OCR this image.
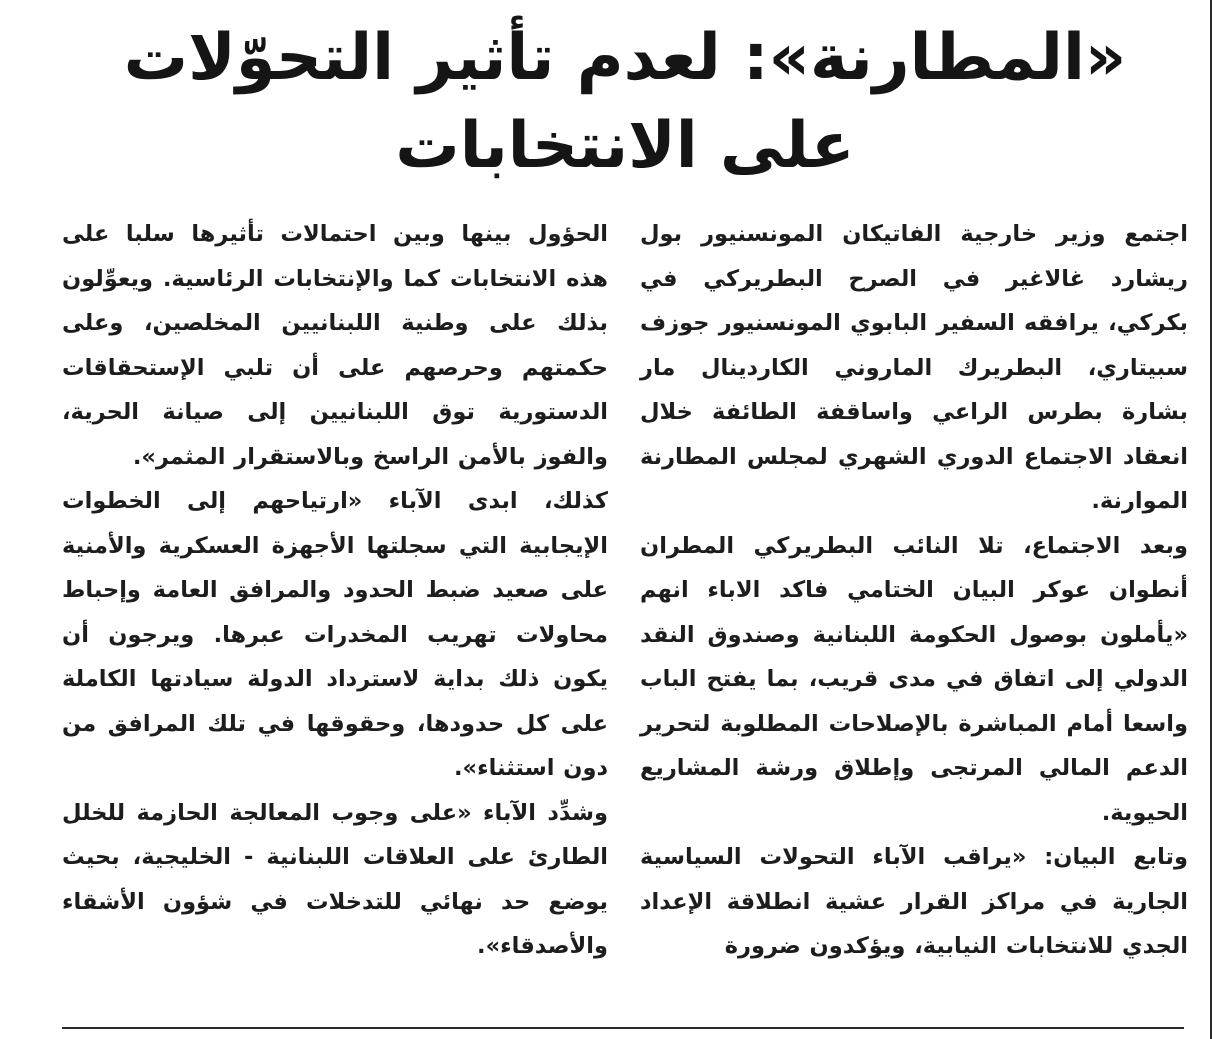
«المطارنة»: لعدم تأثير التحوّلات
على الانتخابات

اجتمع وزير خارجية الفاتيكان المونسنيور بول ريشارد غالاغير في الصرح البطريركي في بكركي، يرافقه السفير البابوي المونسنيور جوزف سبيتاري، البطريرك الماروني الكاردينال مار بشارة بطرس الراعي واساقفة الطائفة خلال انعقاد الاجتماع الدوري الشهري لمجلس المطارنة الموارنة.

وبعد الاجتماع، تلا النائب البطريركي المطران أنطوان عوكر البيان الختامي فاكد الاباء انهم «يأملون بوصول الحكومة اللبنانية وصندوق النقد الدولي إلى اتفاق في مدى قريب، بما يفتح الباب واسعا أمام المباشرة بالإصلاحات المطلوبة لتحرير الدعم المالي المرتجى وإطلاق ورشة المشاريع الحيوية.

وتابع البيان: «يراقب الآباء التحولات السياسية الجارية في مراكز القرار عشية انطلاقة الإعداد الجدي للانتخابات النيابية، ويؤكدون ضرورة

الحؤول بينها وبين احتمالات تأثيرها سلبا على هذه الانتخابات كما والإنتخابات الرئاسية. ويعوِّلون بذلك على وطنية اللبنانيين المخلصين، وعلى حكمتهم وحرصهم على أن تلبي الإستحقاقات الدستورية توق اللبنانيين إلى صيانة الحرية، والفوز بالأمن الراسخ وبالاستقرار المثمر».

كذلك، ابدى الآباء «ارتياحهم إلى الخطوات الإيجابية التي سجلتها الأجهزة العسكرية والأمنية على صعيد ضبط الحدود والمرافق العامة وإحباط محاولات تهريب المخدرات عبرها. ويرجون أن يكون ذلك بداية لاسترداد الدولة سيادتها الكاملة على كل حدودها، وحقوقها في تلك المرافق من دون استثناء».

وشدِّد الآباء «على وجوب المعالجة الحازمة للخلل الطارئ على العلاقات اللبنانية - الخليجية، بحيث يوضع حد نهائي للتدخلات في شؤون الأشقاء والأصدقاء».
